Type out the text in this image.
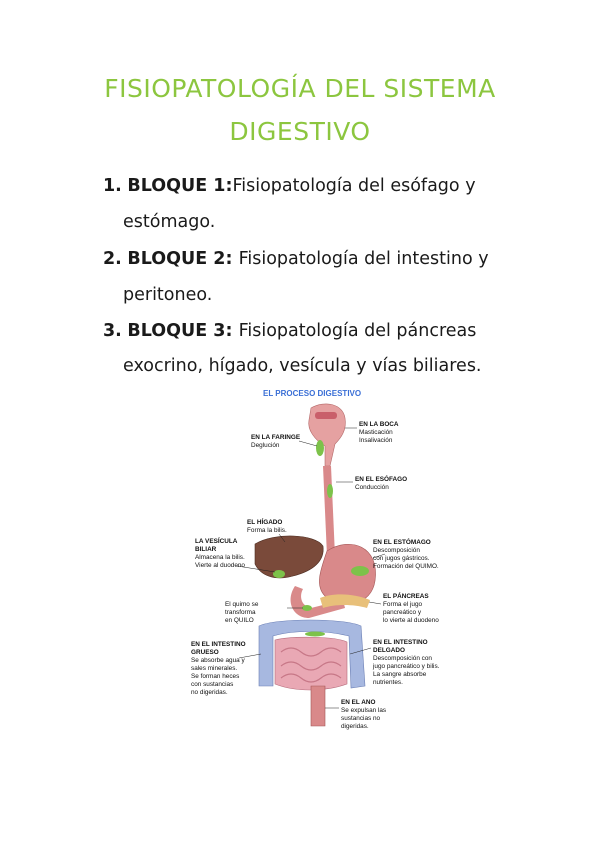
FISIOPATOLOGÍA DEL SISTEMA
DIGESTIVO
1. BLOQUE 1:Fisiopatología del esófago y
estómago.
2. BLOQUE 2: Fisiopatología del intestino y
peritoneo.
3. BLOQUE 3: Fisiopatología del páncreas
exocrino, hígado, vesícula y vías biliares.
EL PROCESO DIGESTIVO
EN LA BOCA Masticación Insalivación
EN LA FARINGE Deglución
EN EL ESÓFAGO Conducción
EL HÍGADO Forma la bilis.
LA VESÍCULA BILIAR Almacena la bilis. Vierte al duodeno
EN EL ESTÓMAGO Descomposición con jugos gástricos. Formación del QUIMO.
EL PÁNCREAS Forma el jugo pancreático y lo vierte al duodeno
El quimo se transforma en QUILO
EN EL INTESTINO GRUESO Se absorbe agua y sales minerales. Se forman heces con sustancias no digeridas.
EN EL INTESTINO DELGADO Descomposición con jugo pancreático y bilis. La sangre absorbe nutrientes.
EN EL ANO Se expulsan las sustancias no digeridas.
